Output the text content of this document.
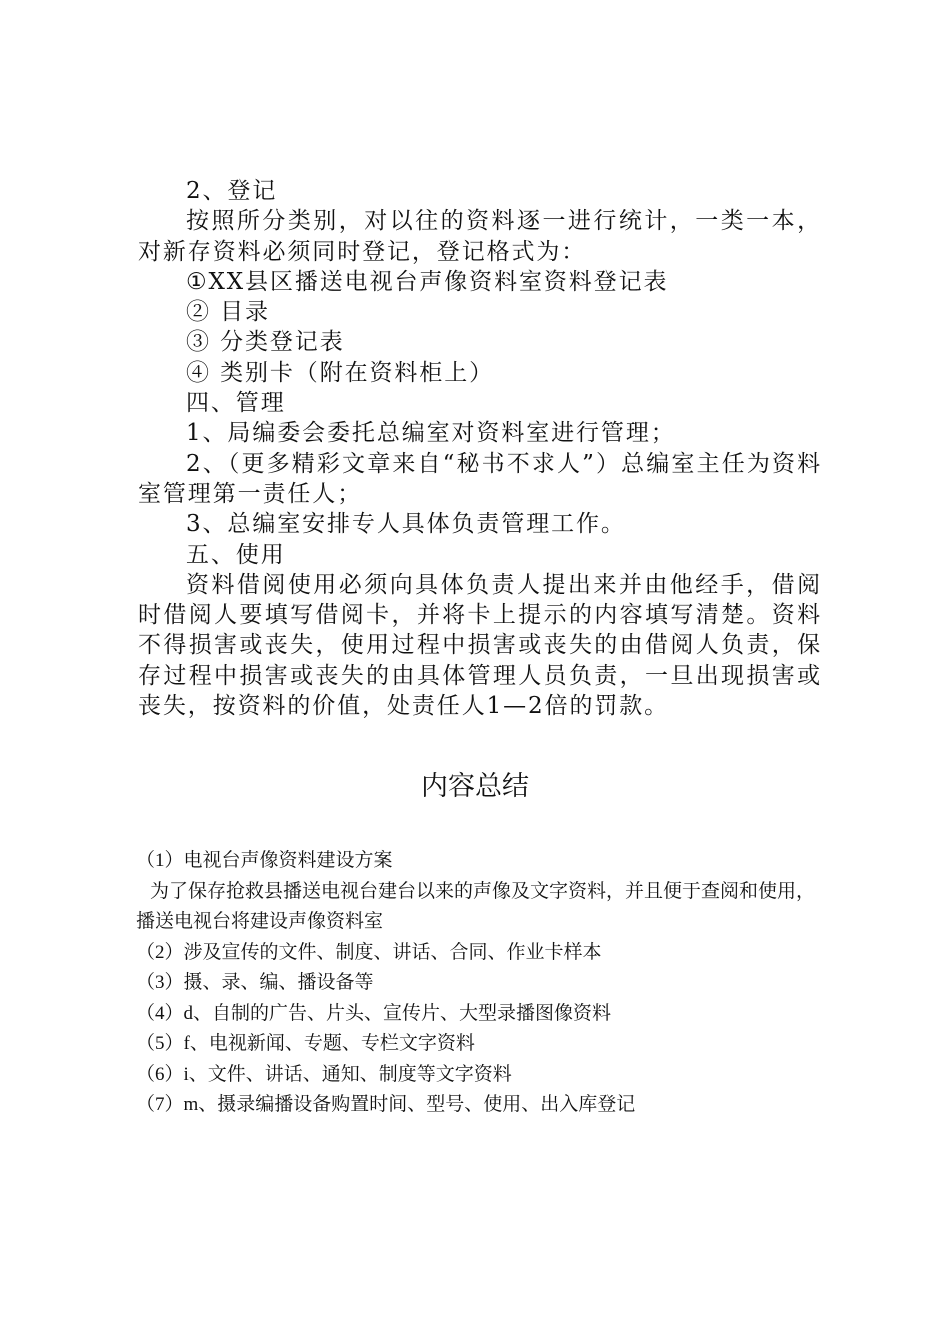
2、登记

按照所分类别，对以往的资料逐一进行统计，一类一本，对新存资料必须同时登记，登记格式为：

①XX县区播送电视台声像资料室资料登记表

② 目录

③ 分类登记表

④ 类别卡（附在资料柜上）

四、管理

1、局编委会委托总编室对资料室进行管理；

2、（更多精彩文章来自“秘书不求人”）总编室主任为资料室管理第一责任人；

3、总编室安排专人具体负责管理工作。

五、使用

资料借阅使用必须向具体负责人提出来并由他经手，借阅时借阅人要填写借阅卡，并将卡上提示的内容填写清楚。资料不得损害或丧失，使用过程中损害或丧失的由借阅人负责，保存过程中损害或丧失的由具体管理人员负责，一旦出现损害或丧失，按资料的价值，处责任人1—2倍的罚款。

内容总结

（1）电视台声像资料建设方案

为了保存抢救县播送电视台建台以来的声像及文字资料，并且便于查阅和使用，播送电视台将建设声像资料室

（2）涉及宣传的文件、制度、讲话、合同、作业卡样本

（3）摄、录、编、播设备等

（4）d、自制的广告、片头、宣传片、大型录播图像资料

（5）f、电视新闻、专题、专栏文字资料

（6）i、文件、讲话、通知、制度等文字资料

（7）m、摄录编播设备购置时间、型号、使用、出入库登记
